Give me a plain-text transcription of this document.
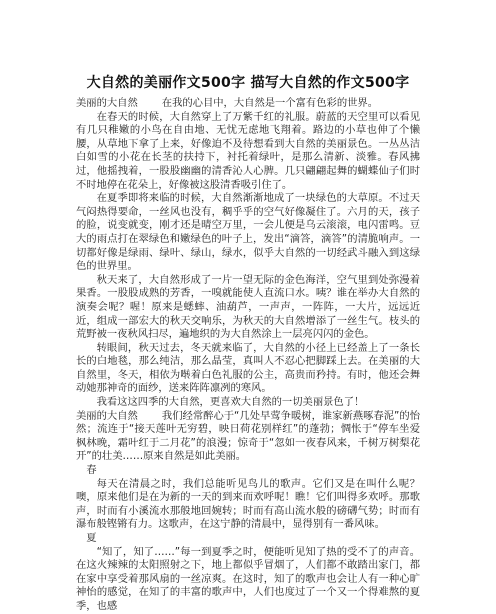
大自然的美丽作文500字 描写大自然的作文500字

美丽的大自然 在我的心目中，大自然是一个富有色彩的世界。

在春天的时候，大自然穿上了万紫千红的礼服。蔚蓝的天空里可以看见有几只稚嫩的小鸟在自由地、无忧无虑地飞翔着。路边的小草也伸了个懒腰，从草地下拿了上来，好像迫不及待想看到大自然的美丽景色。一丛丛洁白如雪的小花在长茎的扶持下，衬托着绿叶，是那么清新、淡雅。春风拂过，他摇拽着，一股股幽幽的清香沁人心脾。几只翩翩起舞的蝴蝶仙子们时不时地停在花朵上，好像被这股清香吸引住了。

在夏季即将来临的时候，大自然渐渐地成了一块绿色的大草原。不过天气闷热得要命，一丝风也没有，稠乎乎的空气好像凝住了。六月的天，孩子的脸，说变就变，刚才还是晴空万里，一会儿便是乌云滚滚，电闪雷鸣。豆大的雨点打在翠绿色和嫩绿色的叶子上，发出“滴答，滴答”的清脆响声。一切都好像是绿雨、绿叶、绿山，绿水，似乎大自然的一切经武斗融入到这绿色的世界里。

秋天来了，大自然形成了一片一望无际的金色海洋，空气里到处弥漫着果香。一股股成熟的芳香，一嗅就能使人直流口水。咦？谁在举办大自然的演奏会呢？喔！原来是蟋蟀、油葫芦，一声声，一阵阵，一大片，远远近近，组成一部宏大的秋天交响乐，为秋天的大自然增添了一丝生气。枝头的荒野被一夜秋风扫尽，遍地织的为大自然涂上一层亮闪闪的金色。

转眼间，秋天过去，冬天就来临了，大自然的小径上已经盖上了一条长长的白地毯，那么纯洁，那么晶莹，真叫人不忍心把脚踩上去。在美丽的大自然里，冬天，相依为啭着白色礼服的公主，高贵而矜持。有时，他还会舞动她那神奇的面纱，送来阵阵凛冽的寒风。

我看这这四季的大自然，更喜欢大自然的一切美丽景色了！

美丽的大自然 我们经常醉心于“几处早莺争暖树，谁家新燕啄春泥”的怡然；流连于“接天莲叶无穷碧，映日荷花别样红”的蓬勃；惆怅于“停车坐爱枫林晚，霜叶红于二月花”的浪漫；惊奇于“忽如一夜春风来，千树万树梨花开”的壮美……原来自然是如此美丽。

春

每天在清晨之时，我们总能听见鸟儿的歌声。它们又是在叫什么呢？噢，原来他们是在为新的一天的到来而欢呼呢！瞧！它们叫得多欢呼。那歌声，时而有小溪流水那般地回婉转；时而有高山流水般的磅礴气势；时而有瀑布般铿锵有力。这歌声，在这宁静的清晨中，显得别有一番风味。

夏

“知了，知了……”每一到夏季之时，便能听见知了热的受不了的声音。在这火辣辣的太阳照射之下，地上都似乎冒烟了，人们都不敢踏出家门，都在家中享受着那风扇的一丝凉爽。在这时，知了的歌声也会让人有一种心旷神怡的感觉，在知了的丰富的歌声中，人们也度过了一个又一个得难熬的夏季，也感
